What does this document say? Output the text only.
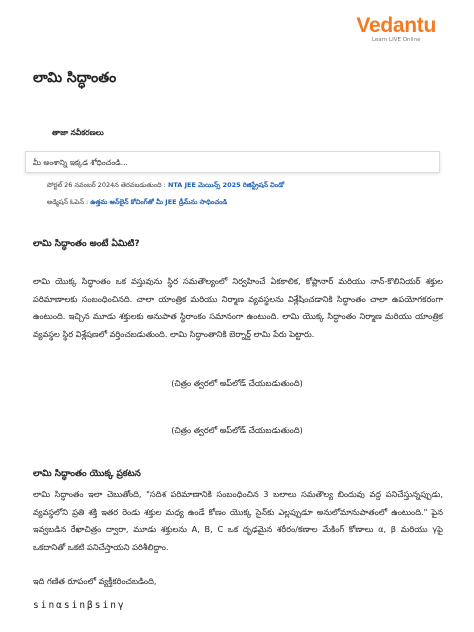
Vedantu
Learn LIVE Online
లామి సిద్ధాంతం
తాజా నవీకరణలు
మీ అంశాన్ని ఇక్కడ శోధించండి...
పోర్టల్ 26 నవంబర్ 2024న తెరవబడుతుంది : NTA JEE మెయిన్స్ 2025 రిజిస్ట్రేషన్ విండో
అడ్మిషన్ ఓపెన్ : ఉత్తమ ఆన్‌లైన్ కోచింగ్‌తో మీ JEE డ్రీమ్‌ను సాధించండి
లామి సిద్ధాంతం అంటే ఏమిటి?
లామి యొక్క సిద్ధాంతం ఒక వస్తువును స్థిర సమతౌల్యంలో నిర్వహించే ఏకకాలిక, కోప్లానార్ మరియు నాన్-కొలినియర్ శక్తుల పరిమాణాలకు సంబంధించినది. చాలా యాంత్రిక మరియు నిర్మాణ వ్యవస్థలను విశ్లేషించడానికి సిద్ధాంతం చాలా ఉపయోగకరంగా ఉంటుంది. ఇచ్చిన మూడు శక్తులకు అనుపాత స్థిరాంకం సమానంగా ఉంటుంది. లామి యొక్క సిద్ధాంతం నిర్మాణ మరియు యాంత్రిక వ్యవస్థల స్థిర విశ్లేషణలో వర్తించబడుతుంది. లామి సిద్ధాంతానికి బెర్నార్డ్ లామి పేరు పెట్టారు.
(చిత్రం త్వరలో అప్‌లోడ్ చేయబడుతుంది)
(చిత్రం త్వరలో అప్‌లోడ్ చేయబడుతుంది)
లామి సిద్ధాంతం యొక్క ప్రకటన
లామి సిద్ధాంతం ఇలా చెబుతోంది, "సదిశ పరిమాణానికి సంబంధించిన 3 బలాలు సమతౌల్య బిందువు వద్ద పనిచేస్తున్నప్పుడు, వ్యవస్థలోని ప్రతి శక్తి ఇతర రెండు శక్తుల మధ్య ఉండే కోణం యొక్క సైన్‌కు ఎల్లప్పుడూ అనులోమానుపాతంలో ఉంటుంది." పైన ఇవ్వబడిన రేఖాచిత్రం ద్వారా, మూడు శక్తులను A, B, C ఒక దృఢమైన శరీరం/కణాల మేకింగ్ కోణాలు α, β మరియు γపై ఒకదానితో ఒకటి పనిచేస్తాయని పరిశీలిద్దాం.
ఇది గణిత రూపంలో వ్యక్తీకరించబడింది,
sinαsinβsinγ
